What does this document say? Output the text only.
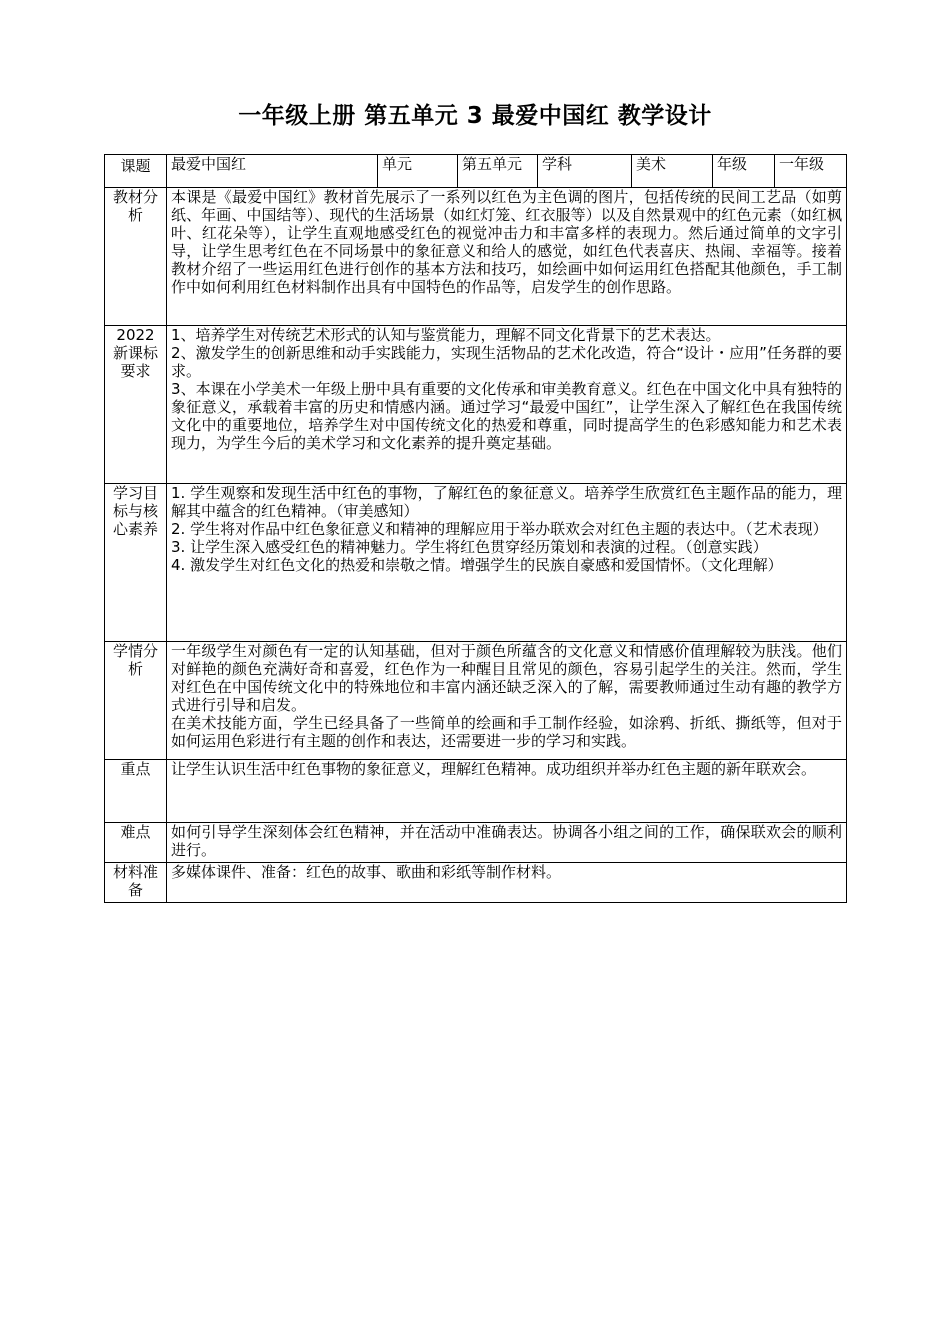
一年级上册 第五单元 3 最爱中国红 教学设计
课题	最爱中国红	单元	第五单元	学科	美术	年级	一年级
教材分析	本课是《最爱中国红》教材首先展示了一系列以红色为主色调的图片，包括传统的民间工艺品（如剪纸、年画、中国结等）、现代的生活场景（如红灯笼、红衣服等）以及自然景观中的红色元素（如红枫叶、红花朵等），让学生直观地感受红色的视觉冲击力和丰富多样的表现力。然后通过简单的文字引导，让学生思考红色在不同场景中的象征意义和给人的感觉，如红色代表喜庆、热闹、幸福等。接着教材介绍了一些运用红色进行创作的基本方法和技巧，如绘画中如何运用红色搭配其他颜色，手工制作中如何利用红色材料制作出具有中国特色的作品等，启发学生的创作思路。						

2022新课标要求	1、培养学生对传统艺术形式的认知与鉴赏能力，理解不同文化背景下的艺术表达。

2、激发学生的创新思维和动手实践能力，实现生活物品的艺术化改造，符合“设计・应用”任务群的要求。

3、本课在小学美术一年级上册中具有重要的文化传承和审美教育意义。红色在中国文化中具有独特的象征意义，承载着丰富的历史和情感内涵。通过学习“最爱中国红”，让学生深入了解红色在我国传统文化中的重要地位，培养学生对中国传统文化的热爱和尊重，同时提高学生的色彩感知能力和艺术表现力，为学生今后的美术学习和文化素养的提升奠定基础。						

学习目标与核心素养	1. 学生观察和发现生活中红色的事物，了解红色的象征意义。培养学生欣赏红色主题作品的能力，理解其中蕴含的红色精神。（审美感知）

2. 学生将对作品中红色象征意义和精神的理解应用于举办联欢会对红色主题的表达中。（艺术表现）

3. 让学生深入感受红色的精神魅力。学生将红色贯穿经历策划和表演的过程。（创意实践）

4. 激发学生对红色文化的热爱和崇敬之情。增强学生的民族自豪感和爱国情怀。（文化理解）						

学情分析	一年级学生对颜色有一定的认知基础，但对于颜色所蕴含的文化意义和情感价值理解较为肤浅。他们对鲜艳的颜色充满好奇和喜爱，红色作为一种醒目且常见的颜色，容易引起学生的关注。然而，学生对红色在中国传统文化中的特殊地位和丰富内涵还缺乏深入的了解，需要教师通过生动有趣的教学方式进行引导和启发。

在美术技能方面，学生已经具备了一些简单的绘画和手工制作经验，如涂鸦、折纸、撕纸等，但对于如何运用色彩进行有主题的创作和表达，还需要进一步的学习和实践。						

重点	让学生认识生活中红色事物的象征意义，理解红色精神。成功组织并举办红色主题的新年联欢会。						

难点	如何引导学生深刻体会红色精神，并在活动中准确表达。协调各小组之间的工作，确保联欢会的顺利进行。						

材料准备	多媒体课件、准备：红色的故事、歌曲和彩纸等制作材料。						
